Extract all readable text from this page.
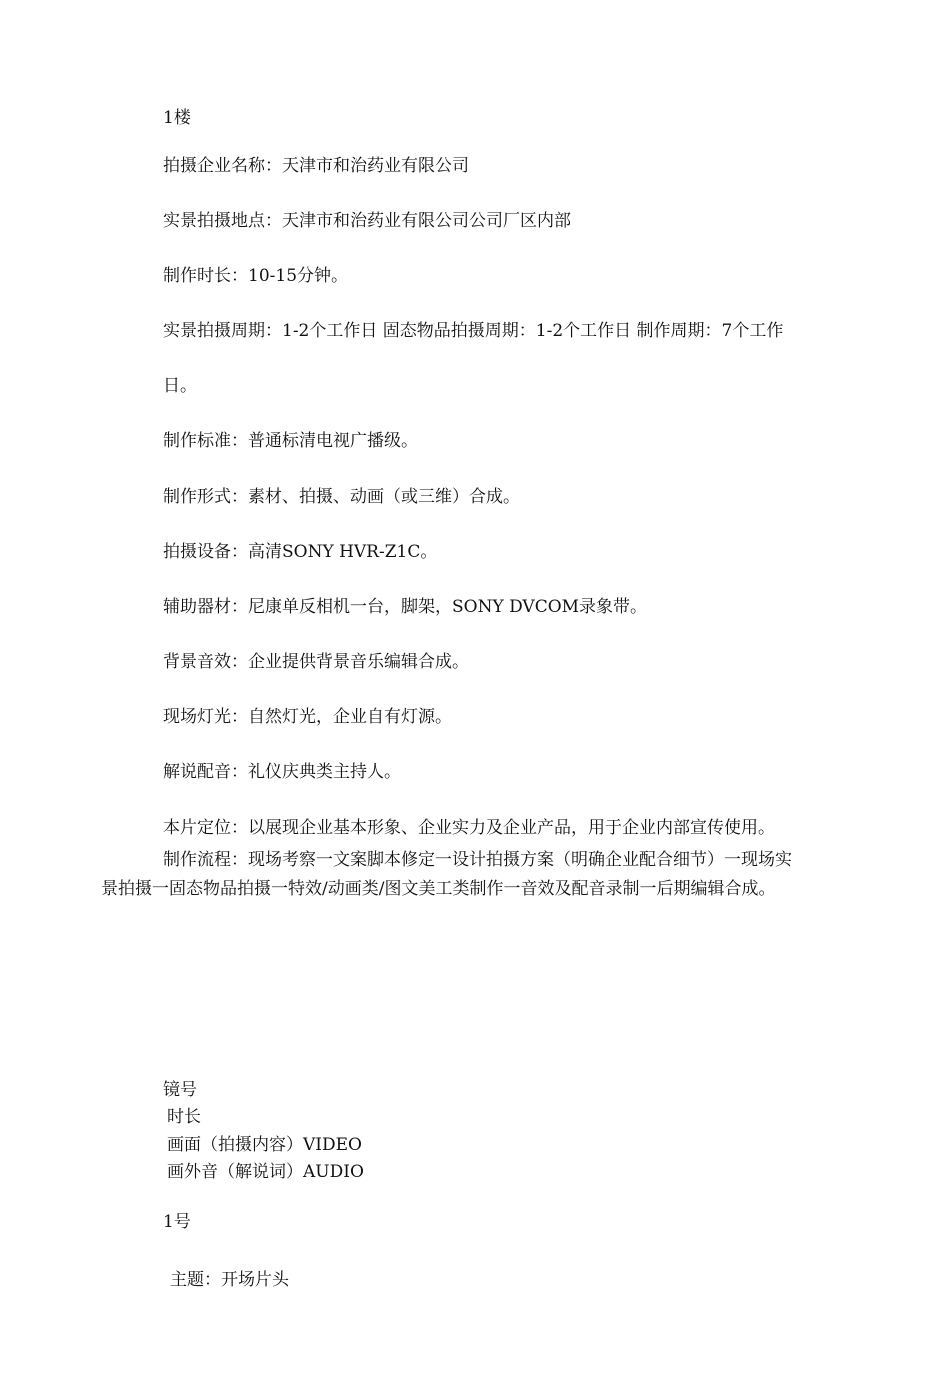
1楼
拍摄企业名称：天津市和治药业有限公司
实景拍摄地点：天津市和治药业有限公司公司厂区内部
制作时长：10-15分钟。
实景拍摄周期：1-2个工作日 固态物品拍摄周期：1-2个工作日 制作周期：7个工作
日。
制作标准：普通标清电视广播级。
制作形式：素材、拍摄、动画（或三维）合成。
拍摄设备：高清SONY HVR-Z1C。
辅助器材：尼康单反相机一台，脚架，SONY DVCOM录象带。
背景音效：企业提供背景音乐编辑合成。
现场灯光：自然灯光，企业自有灯源。
解说配音：礼仪庆典类主持人。
本片定位：以展现企业基本形象、企业实力及企业产品，用于企业内部宣传使用。
制作流程：现场考察一文案脚本修定一设计拍摄方案（明确企业配合细节）一现场实
景拍摄一固态物品拍摄一特效/动画类/图文美工类制作一音效及配音录制一后期编辑合成。
镜号
时长
画面（拍摄内容）VIDEO
画外音（解说词）AUDIO
1号
主题：开场片头
